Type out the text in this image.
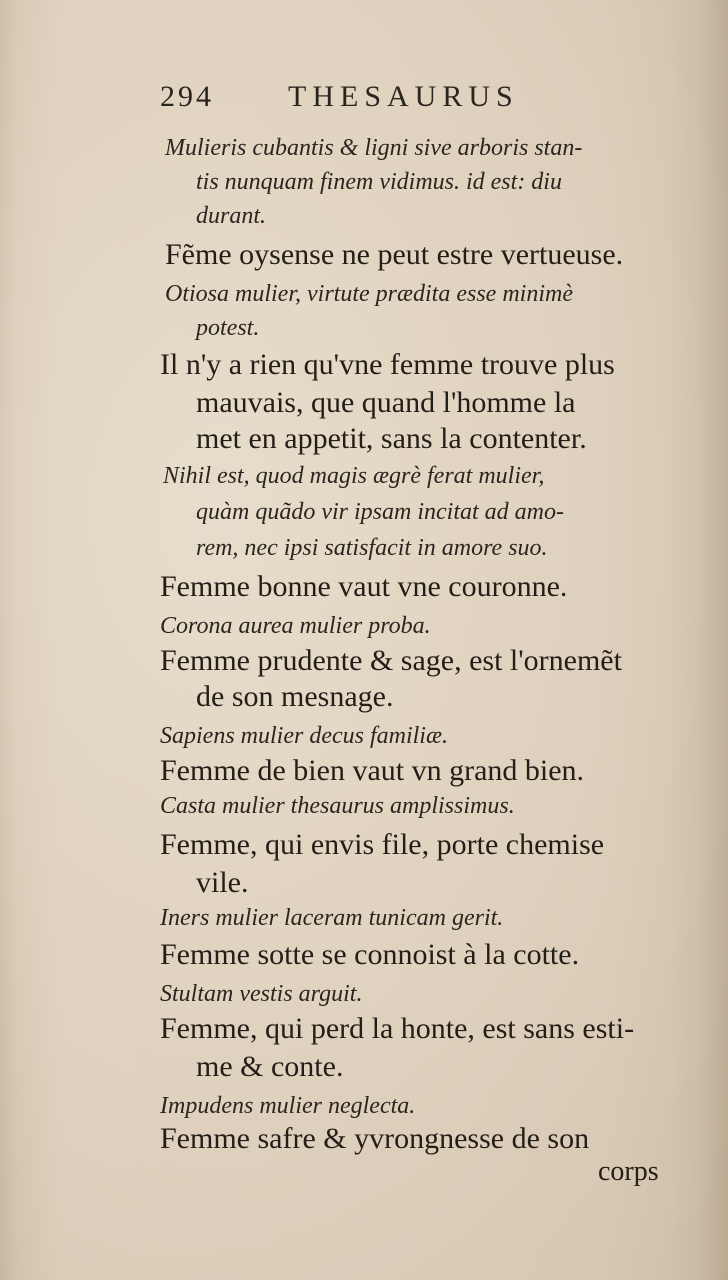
294 THESAURUS
Mulieris cubantis & ligni sive arboris stan-
tis nunquam finem vidimus. id est: diu
durant.
Fẽme oysense ne peut estre vertueuse.
Otiosa mulier, virtute prædita esse minimè
potest.
Il n'y a rien qu'vne femme trouve plus
mauvais, que quand l'homme la
met en appetit, sans la contenter.
Nihil est, quod magis ægrè ferat mulier,
quàm quãdo vir ipsam incitat ad amo-
rem, nec ipsi satisfacit in amore suo.
Femme bonne vaut vne couronne.
Corona aurea mulier proba.
Femme prudente & sage, est l'ornemẽt
de son mesnage.
Sapiens mulier decus familiæ.
Femme de bien vaut vn grand bien.
Casta mulier thesaurus amplissimus.
Femme, qui envis file, porte chemise
vile.
Iners mulier laceram tunicam gerit.
Femme sotte se connoist à la cotte.
Stultam vestis arguit.
Femme, qui perd la honte, est sans esti-
me & conte.
Impudens mulier neglecta.
Femme safre & yvrongnesse de son
corps
